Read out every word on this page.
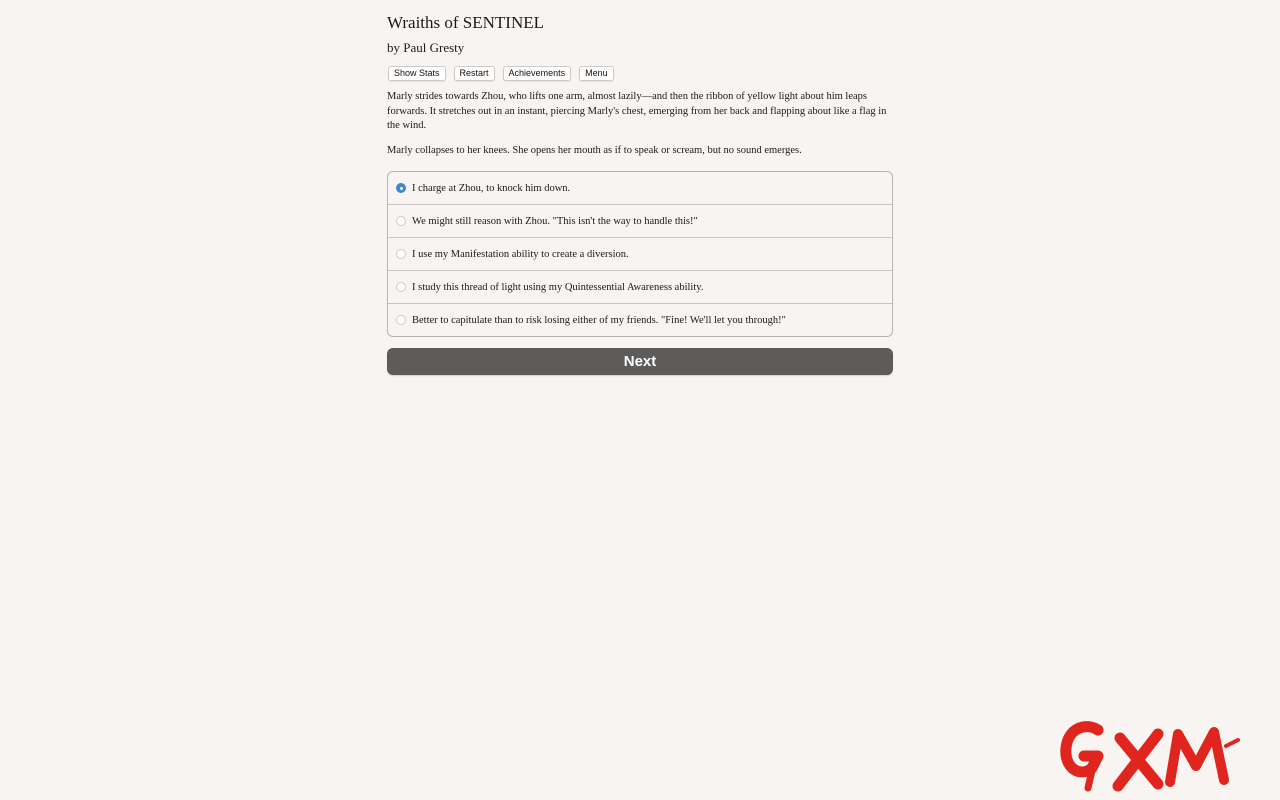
Wraiths of SENTINEL
by Paul Gresty
Show Stats	Restart	Achievements	Menu

Marly strides towards Zhou, who lifts one arm, almost lazily—and then the ribbon of yellow light about him leaps forwards. It stretches out in an instant, piercing Marly's chest, emerging from her back and flapping about like a flag in the wind.

Marly collapses to her knees. She opens her mouth as if to speak or scream, but no sound emerges.

I charge at Zhou, to knock him down.
We might still reason with Zhou. "This isn't the way to handle this!"
I use my Manifestation ability to create a diversion.
I study this thread of light using my Quintessential Awareness ability.
Better to capitulate than to risk losing either of my friends. "Fine! We'll let you through!"
Next
